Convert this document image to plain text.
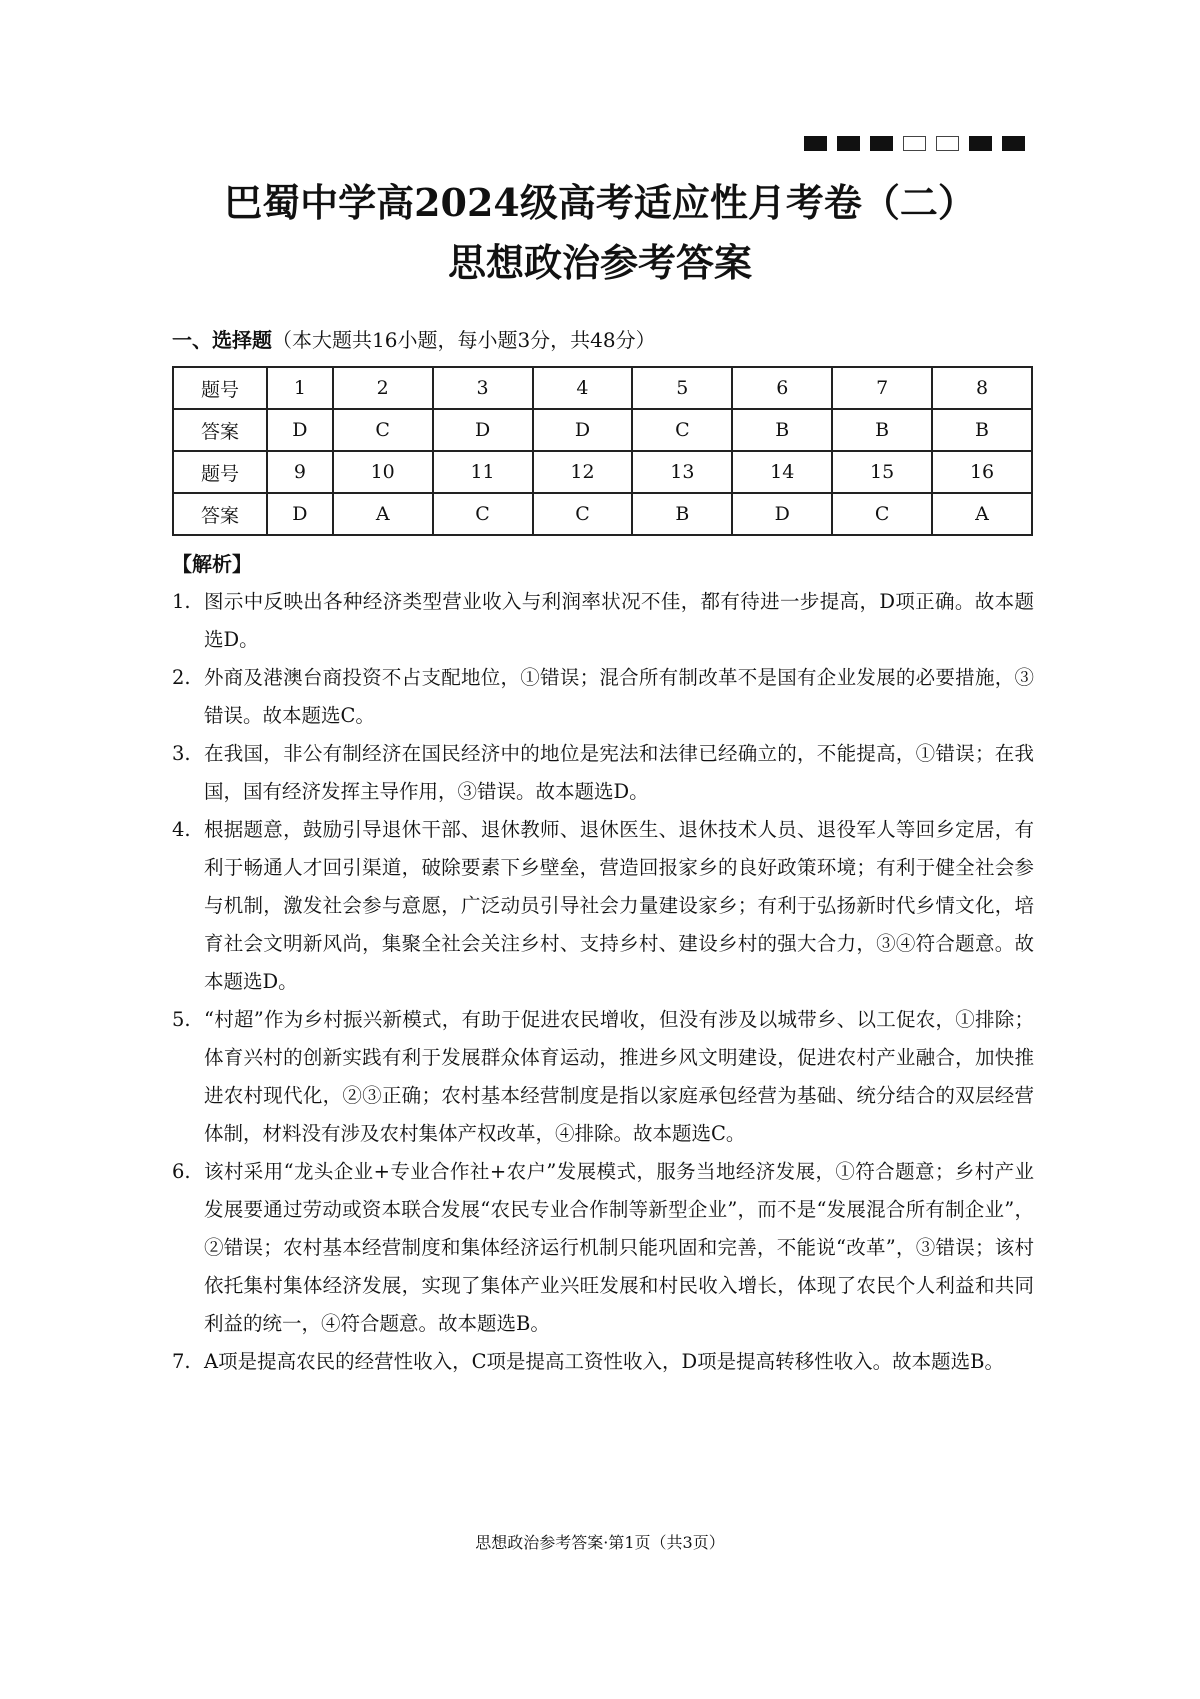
巴蜀中学高2024级高考适应性月考卷（二）
思想政治参考答案
一、选择题（本大题共16小题，每小题3分，共48分）
题号	1	2	3	4	5	6	7	8
答案	D	C	D	D	C	B	B	B
题号	9	10	11	12	13	14	15	16
答案	D	A	C	C	B	D	C	A
【解析】
1. 图示中反映出各种经济类型营业收入与利润率状况不佳，都有待进一步提高，D项正确。故本题选D。
2. 外商及港澳台商投资不占支配地位，①错误；混合所有制改革不是国有企业发展的必要措施，③错误。故本题选C。
3. 在我国，非公有制经济在国民经济中的地位是宪法和法律已经确立的，不能提高，①错误；在我国，国有经济发挥主导作用，③错误。故本题选D。
4. 根据题意，鼓励引导退休干部、退休教师、退休医生、退休技术人员、退役军人等回乡定居，有利于畅通人才回引渠道，破除要素下乡壁垒，营造回报家乡的良好政策环境；有利于健全社会参与机制，激发社会参与意愿，广泛动员引导社会力量建设家乡；有利于弘扬新时代乡情文化，培育社会文明新风尚，集聚全社会关注乡村、支持乡村、建设乡村的强大合力，③④符合题意。故本题选D。
5. “村超”作为乡村振兴新模式，有助于促进农民增收，但没有涉及以城带乡、以工促农，①排除；体育兴村的创新实践有利于发展群众体育运动，推进乡风文明建设，促进农村产业融合，加快推进农村现代化，②③正确；农村基本经营制度是指以家庭承包经营为基础、统分结合的双层经营体制，材料没有涉及农村集体产权改革，④排除。故本题选C。
6. 该村采用“龙头企业+专业合作社+农户”发展模式，服务当地经济发展，①符合题意；乡村产业发展要通过劳动或资本联合发展“农民专业合作制等新型企业”，而不是“发展混合所有制企业”，②错误；农村基本经营制度和集体经济运行机制只能巩固和完善，不能说“改革”，③错误；该村依托集村集体经济发展，实现了集体产业兴旺发展和村民收入增长，体现了农民个人利益和共同利益的统一，④符合题意。故本题选B。
7. A项是提高农民的经营性收入，C项是提高工资性收入，D项是提高转移性收入。故本题选B。
思想政治参考答案·第1页（共3页）
